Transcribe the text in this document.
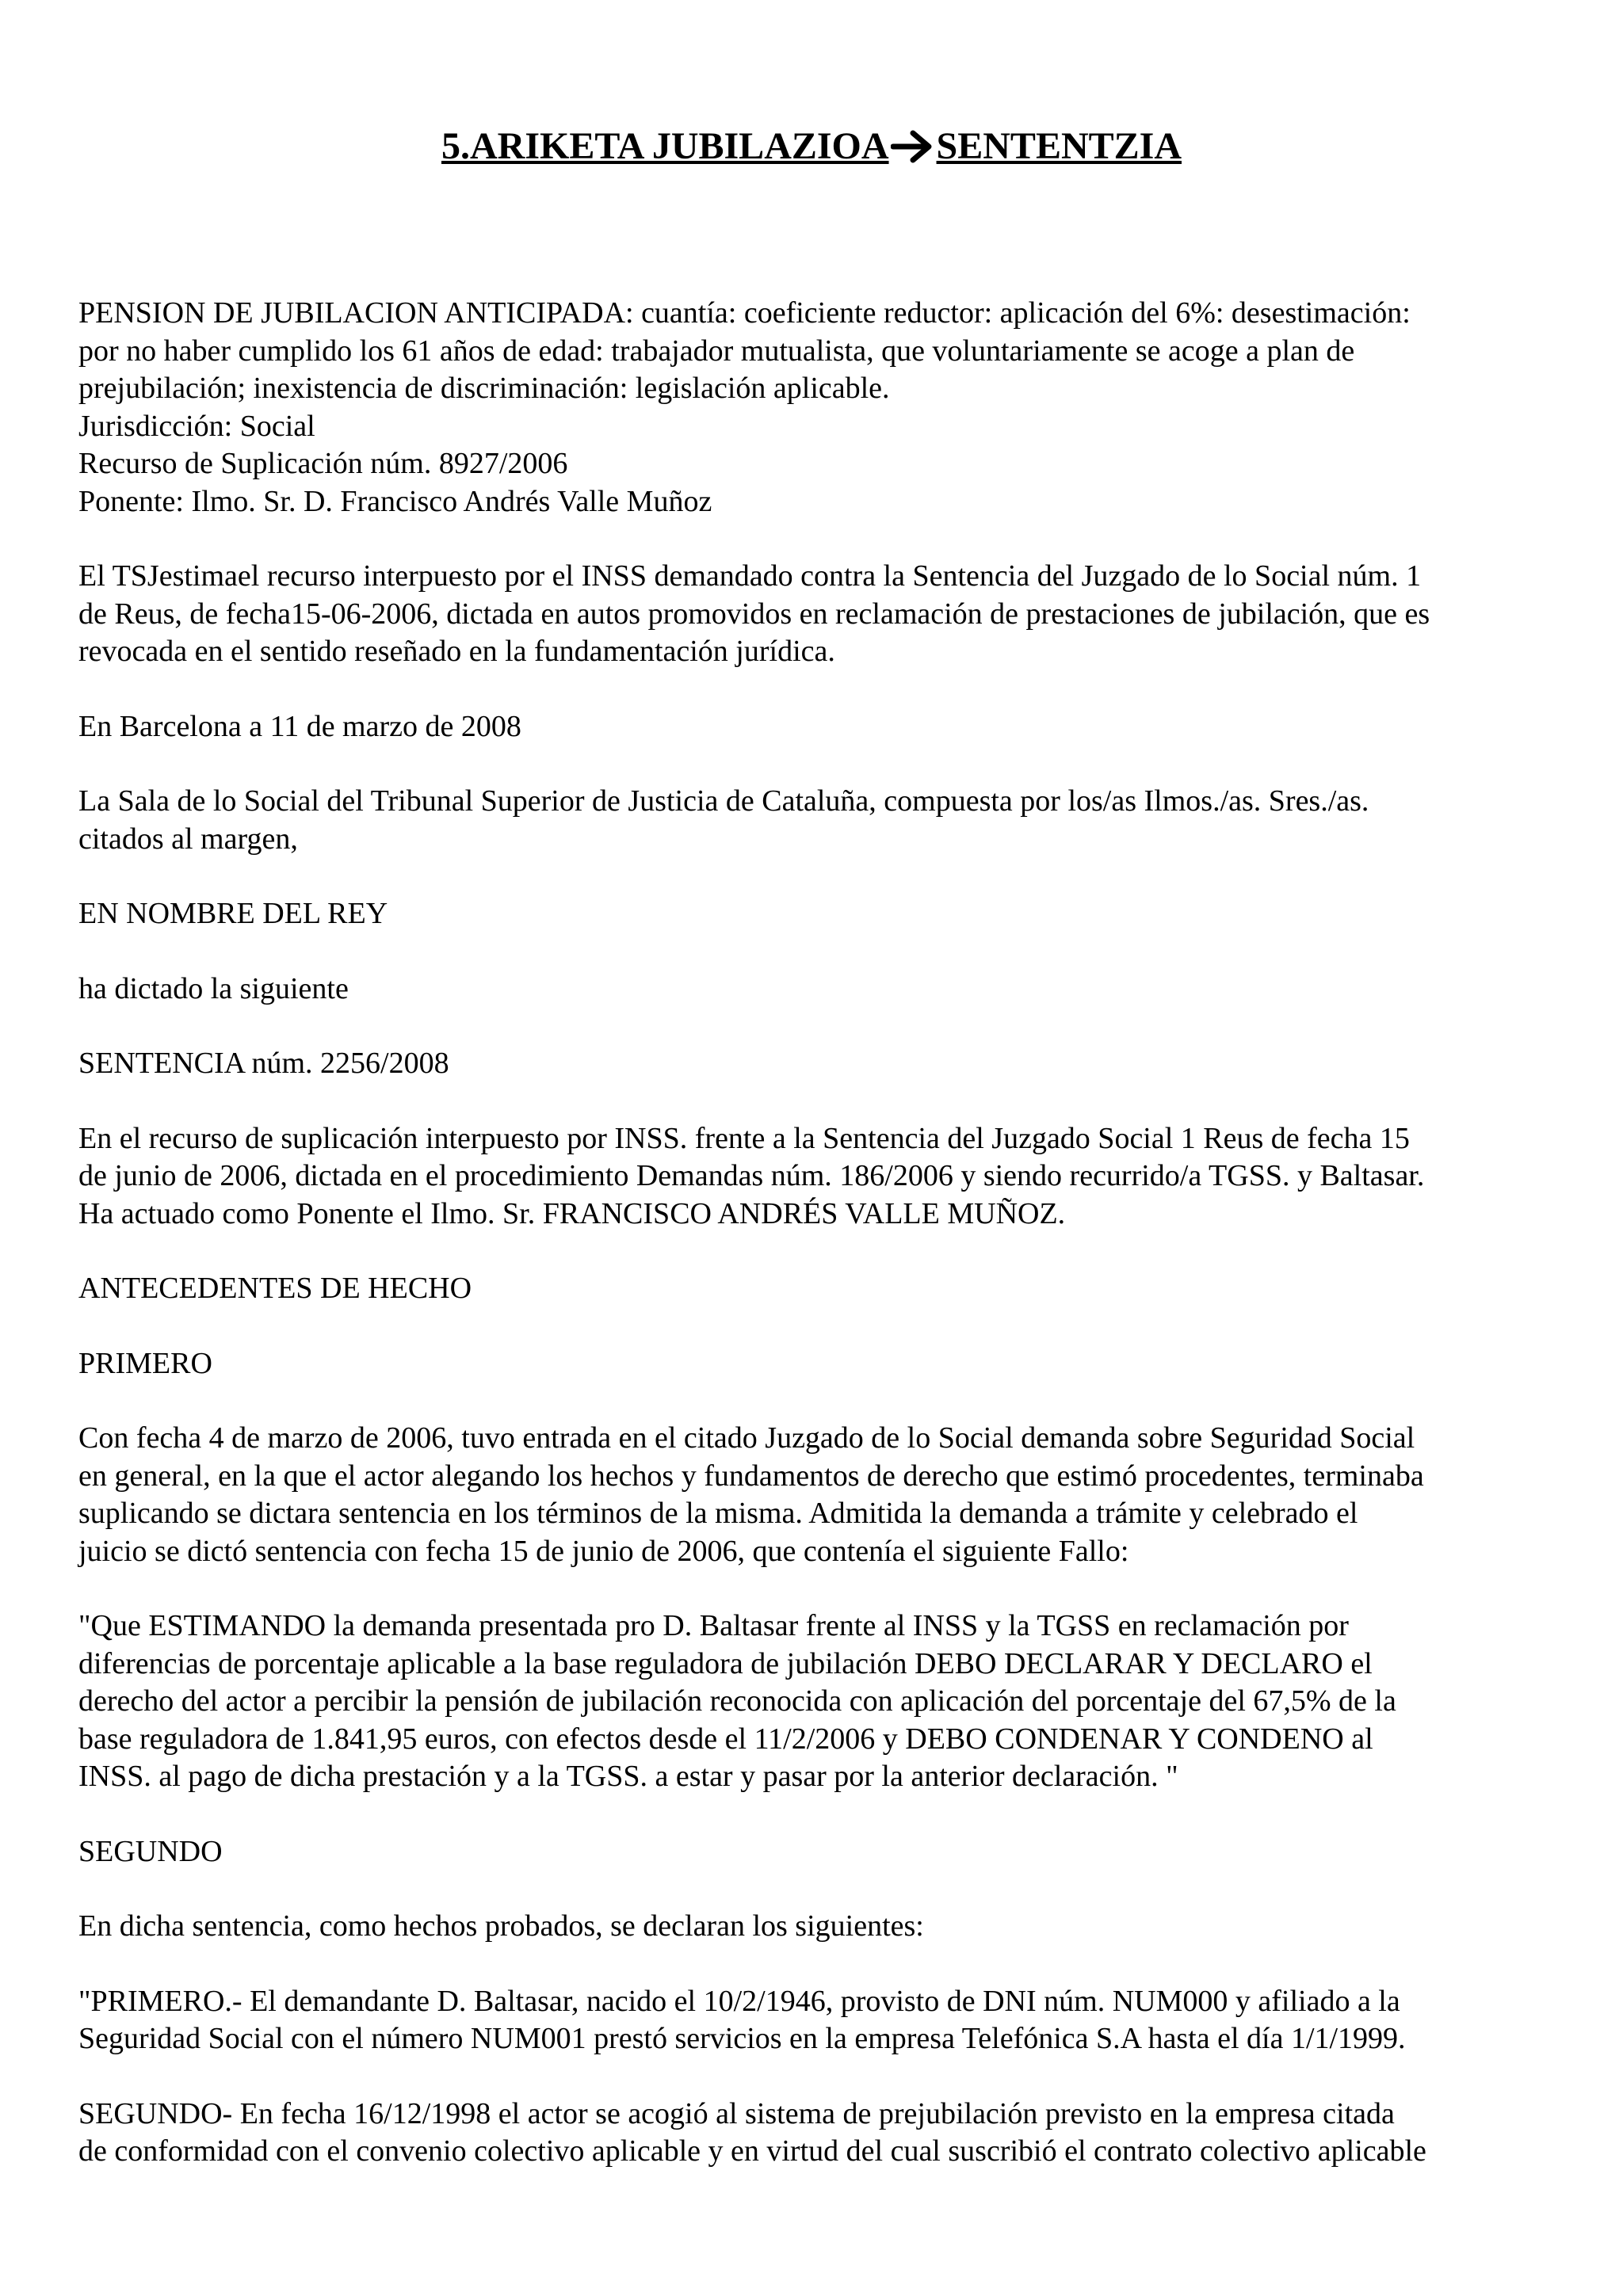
5.ARIKETA JUBILAZIOA SENTENTZIA

PENSION DE JUBILACION ANTICIPADA: cuantía: coeficiente reductor: aplicación del 6%: desestimación:

por no haber cumplido los 61 años de edad: trabajador mutualista, que voluntariamente se acoge a plan de

prejubilación; inexistencia de discriminación: legislación aplicable.

Jurisdicción: Social

Recurso de Suplicación núm. 8927/2006

Ponente: Ilmo. Sr. D. Francisco Andrés Valle Muñoz

El TSJestimael recurso interpuesto por el INSS demandado contra la Sentencia del Juzgado de lo Social núm. 1

de Reus, de fecha15-06-2006, dictada en autos promovidos en reclamación de prestaciones de jubilación, que es

revocada en el sentido reseñado en la fundamentación jurídica.

En Barcelona a 11 de marzo de 2008

La Sala de lo Social del Tribunal Superior de Justicia de Cataluña, compuesta por los/as Ilmos./as. Sres./as.

citados al margen,

EN NOMBRE DEL REY

ha dictado la siguiente

SENTENCIA núm. 2256/2008

En el recurso de suplicación interpuesto por INSS. frente a la Sentencia del Juzgado Social 1 Reus de fecha 15

de junio de 2006, dictada en el procedimiento Demandas núm. 186/2006 y siendo recurrido/a TGSS. y Baltasar.

Ha actuado como Ponente el Ilmo. Sr. FRANCISCO ANDRÉS VALLE MUÑOZ.

ANTECEDENTES DE HECHO

PRIMERO

Con fecha 4 de marzo de 2006, tuvo entrada en el citado Juzgado de lo Social demanda sobre Seguridad Social

en general, en la que el actor alegando los hechos y fundamentos de derecho que estimó procedentes, terminaba

suplicando se dictara sentencia en los términos de la misma. Admitida la demanda a trámite y celebrado el

juicio se dictó sentencia con fecha 15 de junio de 2006, que contenía el siguiente Fallo:

"Que ESTIMANDO la demanda presentada pro D. Baltasar frente al INSS y la TGSS en reclamación por

diferencias de porcentaje aplicable a la base reguladora de jubilación DEBO DECLARAR Y DECLARO el

derecho del actor a percibir la pensión de jubilación reconocida con aplicación del porcentaje del 67,5% de la

base reguladora de 1.841,95 euros, con efectos desde el 11/2/2006 y DEBO CONDENAR Y CONDENO al

INSS. al pago de dicha prestación y a la TGSS. a estar y pasar por la anterior declaración. "

SEGUNDO

En dicha sentencia, como hechos probados, se declaran los siguientes:

"PRIMERO.- El demandante D. Baltasar, nacido el 10/2/1946, provisto de DNI núm. NUM000 y afiliado a la

Seguridad Social con el número NUM001 prestó servicios en la empresa Telefónica S.A hasta el día 1/1/1999.

SEGUNDO- En fecha 16/12/1998 el actor se acogió al sistema de prejubilación previsto en la empresa citada

de conformidad con el convenio colectivo aplicable y en virtud del cual suscribió el contrato colectivo aplicable
